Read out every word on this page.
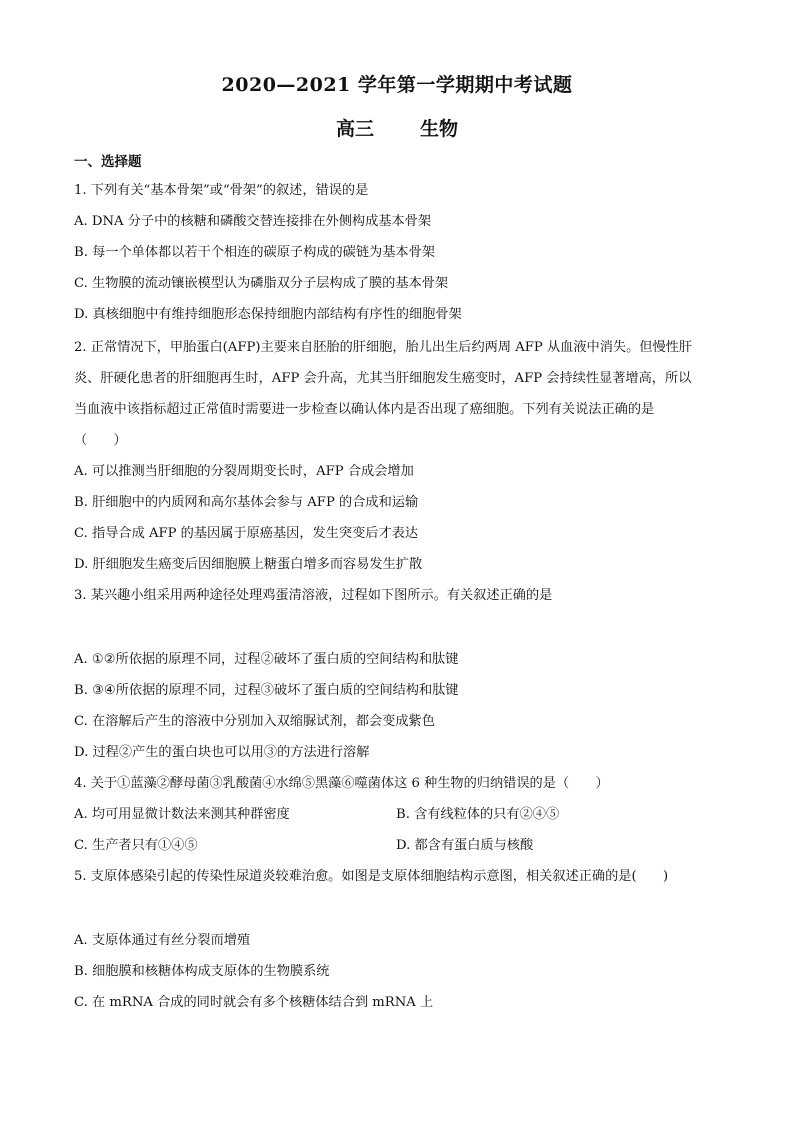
2020—2021 学年第一学期期中考试题
高三 生物
一、选择题
1. 下列有关“基本骨架”或“骨架”的叙述，错误的是
A. DNA 分子中的核糖和磷酸交替连接排在外侧构成基本骨架
B. 每一个单体都以若干个相连的碳原子构成的碳链为基本骨架
C. 生物膜的流动镶嵌模型认为磷脂双分子层构成了膜的基本骨架
D. 真核细胞中有维持细胞形态保持细胞内部结构有序性的细胞骨架
2. 正常情况下，甲胎蛋白(AFP)主要来自胚胎的肝细胞，胎儿出生后约两周 AFP 从血液中消失。但慢性肝
炎、肝硬化患者的肝细胞再生时，AFP 会升高，尤其当肝细胞发生癌变时，AFP 会持续性显著增高，所以
当血液中该指标超过正常值时需要进一步检查以确认体内是否出现了癌细胞。下列有关说法正确的是
（　　）
A. 可以推测当肝细胞的分裂周期变长时，AFP 合成会增加
B. 肝细胞中的内质网和高尔基体会参与 AFP 的合成和运输
C. 指导合成 AFP 的基因属于原癌基因，发生突变后才表达
D. 肝细胞发生癌变后因细胞膜上糖蛋白增多而容易发生扩散
3. 某兴趣小组采用两种途径处理鸡蛋清溶液，过程如下图所示。有关叙述正确的是
A. ①②所依据的原理不同，过程②破坏了蛋白质的空间结构和肽键
B. ③④所依据的原理不同，过程③破坏了蛋白质的空间结构和肽键
C. 在溶解后产生的溶液中分别加入双缩脲试剂，都会变成紫色
D. 过程②产生的蛋白块也可以用③的方法进行溶解
4. 关于①蓝藻②酵母菌③乳酸菌④水绵⑤黑藻⑥噬菌体这 6 种生物的归纳错误的是（　　）
A. 均可用显微计数法来测其种群密度	B. 含有线粒体的只有②④⑤
C. 生产者只有①④⑤	D. 都含有蛋白质与核酸
5. 支原体感染引起的传染性尿道炎较难治愈。如图是支原体细胞结构示意图，相关叙述正确的是(　　)
A. 支原体通过有丝分裂而增殖
B. 细胞膜和核糖体构成支原体的生物膜系统
C. 在 mRNA 合成的同时就会有多个核糖体结合到 mRNA 上
